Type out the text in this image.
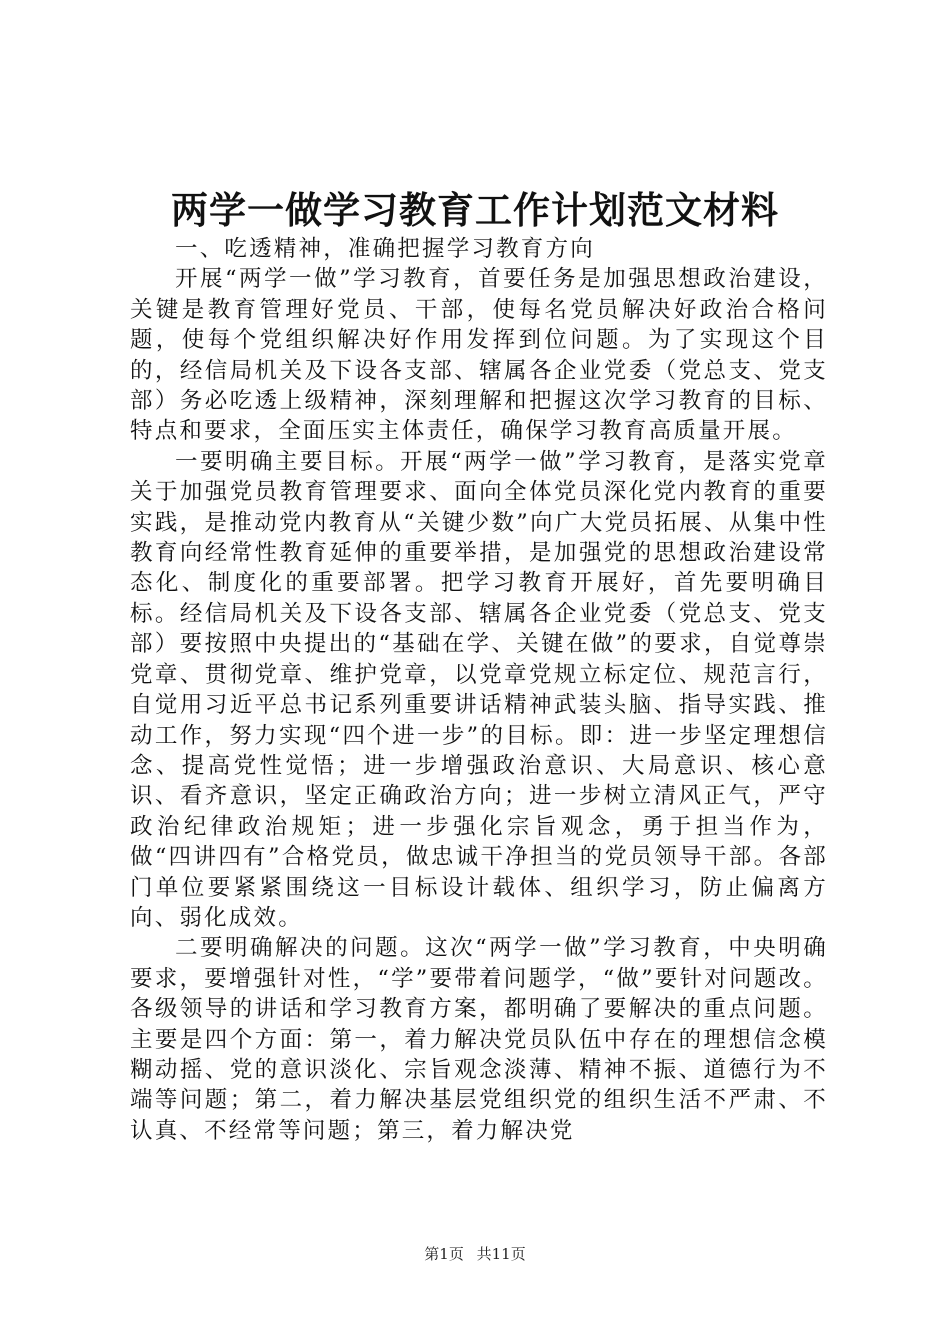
两学一做学习教育工作计划范文材料

一、吃透精神，准确把握学习教育方向

开展“两学一做”学习教育，首要任务是加强思想政治建设，关键是教育管理好党员、干部，使每名党员解决好政治合格问题，使每个党组织解决好作用发挥到位问题。为了实现这个目的，经信局机关及下设各支部、辖属各企业党委（党总支、党支部）务必吃透上级精神，深刻理解和把握这次学习教育的目标、特点和要求，全面压实主体责任，确保学习教育高质量开展。

一要明确主要目标。开展“两学一做”学习教育，是落实党章关于加强党员教育管理要求、面向全体党员深化党内教育的重要实践，是推动党内教育从“关键少数”向广大党员拓展、从集中性教育向经常性教育延伸的重要举措，是加强党的思想政治建设常态化、制度化的重要部署。把学习教育开展好，首先要明确目标。经信局机关及下设各支部、辖属各企业党委（党总支、党支部）要按照中央提出的“基础在学、关键在做”的要求，自觉尊崇党章、贯彻党章、维护党章，以党章党规立标定位、规范言行，自觉用习近平总书记系列重要讲话精神武装头脑、指导实践、推动工作，努力实现“四个进一步”的目标。即：进一步坚定理想信念、提高党性觉悟；进一步增强政治意识、大局意识、核心意识、看齐意识，坚定正确政治方向；进一步树立清风正气，严守政治纪律政治规矩；进一步强化宗旨观念，勇于担当作为，做“四讲四有”合格党员，做忠诚干净担当的党员领导干部。各部门单位要紧紧围绕这一目标设计载体、组织学习，防止偏离方向、弱化成效。

二要明确解决的问题。这次“两学一做”学习教育，中央明确要求，要增强针对性，“学”要带着问题学，“做”要针对问题改。各级领导的讲话和学习教育方案，都明确了要解决的重点问题。主要是四个方面：第一，着力解决党员队伍中存在的理想信念模糊动摇、党的意识淡化、宗旨观念淡薄、精神不振、道德行为不端等问题；第二，着力解决基层党组织党的组织生活不严肃、不认真、不经常等问题；第三，着力解决党

第1页 共11页
